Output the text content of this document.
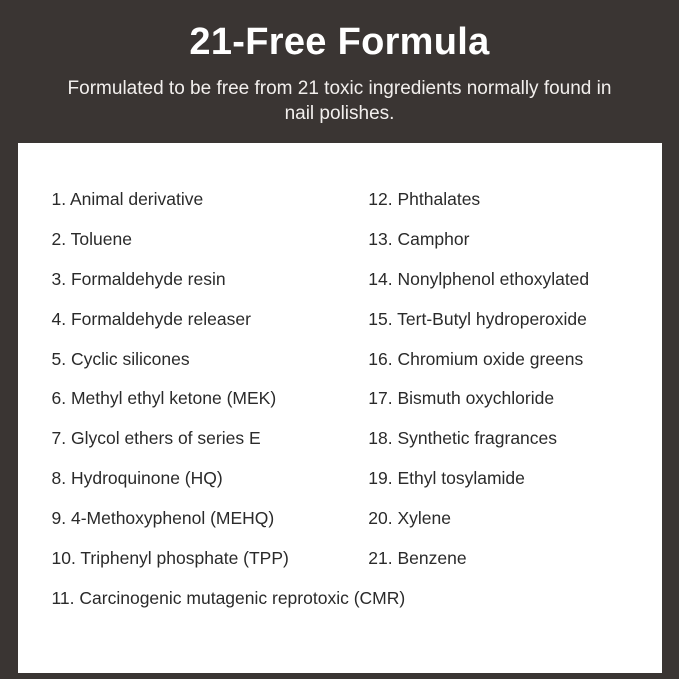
21-Free Formula

Formulated to be free from 21 toxic ingredients normally found in nail polishes.

1. Animal derivative
2. Toluene
3. Formaldehyde resin
4. Formaldehyde releaser
5. Cyclic silicones
6. Methyl ethyl ketone (MEK)
7. Glycol ethers of series E
8. Hydroquinone (HQ)
9. 4-Methoxyphenol (MEHQ)
10. Triphenyl phosphate (TPP)
12. Phthalates
13. Camphor
14. Nonylphenol ethoxylated
15. Tert-Butyl hydroperoxide
16. Chromium oxide greens
17. Bismuth oxychloride
18. Synthetic fragrances
19. Ethyl tosylamide
20. Xylene
21. Benzene
11. Carcinogenic mutagenic reprotoxic (CMR)
